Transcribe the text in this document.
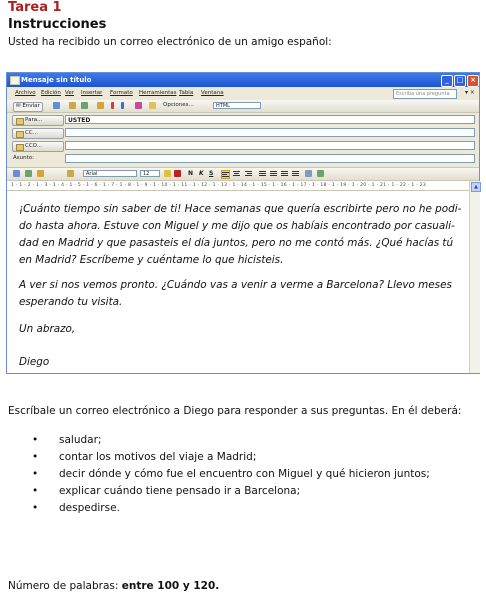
Tarea 1
Instrucciones
Usted ha recibido un correo electrónico de un amigo español:
Mensaje sin título	_	□ ×
Archivo Edición Ver Insertar Formato Herramientas Tabla Ventana	Escriba una pregunta	▾ ×
✉ Enviar	Opciones...	HTML
Para...	USTED
CC...
CCO...
Asunto:
Arial	12	N K S
1 · 1 · 2 · 1 · 3 · 1 · 4 · 1 · 5 · 1 · 6 · 1 · 7 · 1 · 8 · 1 · 9 · 1 · 10 · 1 · 11 · 1 · 12 · 1 · 13 · 1 · 14 · 1 · 15 · 1 · 16 · 1 · 17 · 1 · 18 · 1 · 19 · 1 · 20 · 1 · 21 · 1 · 22 · 1 · 23	▲
¡Cuánto tiempo sin saber de ti! Hace semanas que quería escribirte pero no he podi-
do hasta ahora. Estuve con Miguel y me dijo que os habíais encontrado por casuali-
dad en Madrid y que pasasteis el día juntos, pero no me contó más. ¿Qué hacías tú
en Madrid? Escríbeme y cuéntame lo que hicisteis.
A ver si nos vemos pronto. ¿Cuándo vas a venir a verme a Barcelona? Llevo meses
esperando tu visita.
Un abrazo,
Diego
Escríbale un correo electrónico a Diego para responder a sus preguntas. En él deberá:
• saludar;
• contar los motivos del viaje a Madrid;
• decir dónde y cómo fue el encuentro con Miguel y qué hicieron juntos;
• explicar cuándo tiene pensado ir a Barcelona;
• despedirse.
Número de palabras: entre 100 y 120.
